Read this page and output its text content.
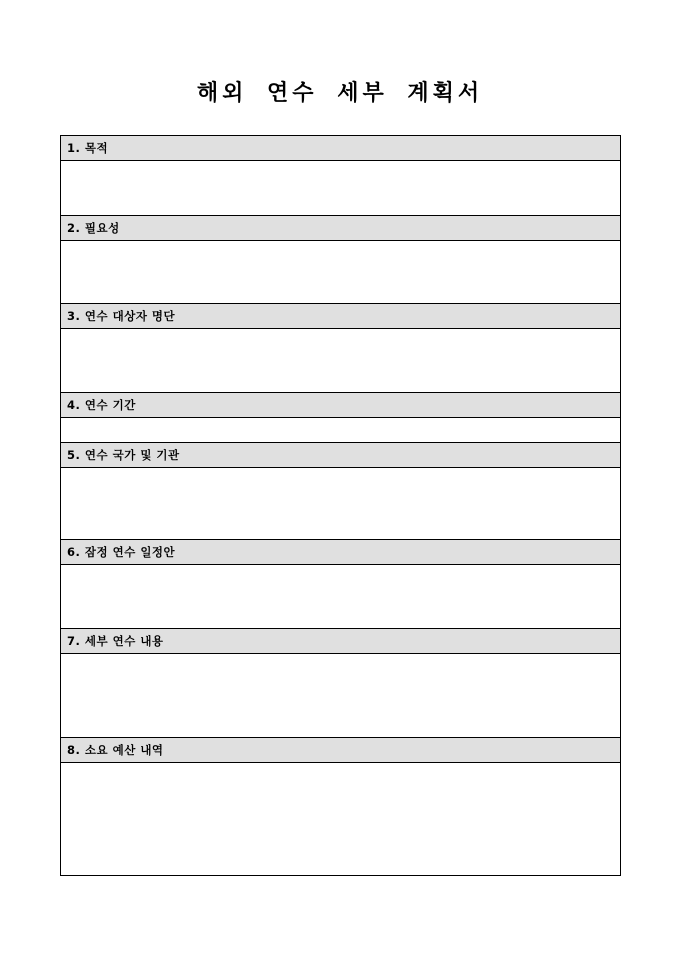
해외 연수 세부 계획서
1. 목적

2. 필요성

3. 연수 대상자 명단

4. 연수 기간

5. 연수 국가 및 기관

6. 잠정 연수 일정안

7. 세부 연수 내용

8. 소요 예산 내역
